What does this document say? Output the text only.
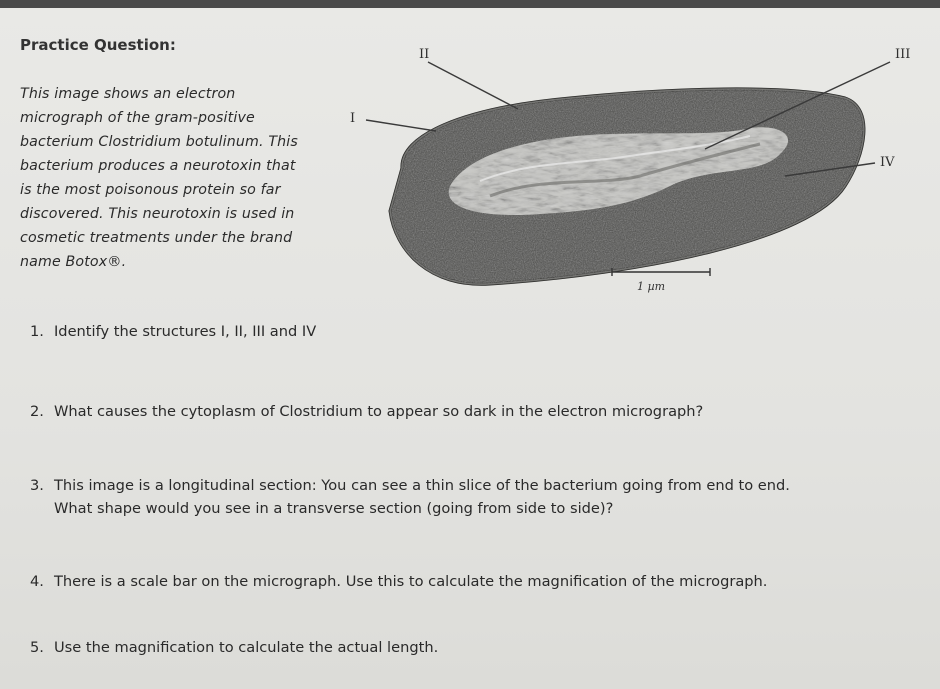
Practice Question:
This image shows an electron
micrograph of the gram-positive
bacterium Clostridium botulinum. This
bacterium produces a neurotoxin that
is the most poisonous protein so far
discovered. This neurotoxin is used in
cosmetic treatments under the brand
name Botox®.
II	III
I
IV
1 µm
1. Identify the structures I, II, III and IV
2. What causes the cytoplasm of Clostridium to appear so dark in the electron micrograph?
3. This image is a longitudinal section: You can see a thin slice of the bacterium going from end to end.
What shape would you see in a transverse section (going from side to side)?
4. There is a scale bar on the micrograph. Use this to calculate the magnification of the micrograph.
5. Use the magnification to calculate the actual length.
